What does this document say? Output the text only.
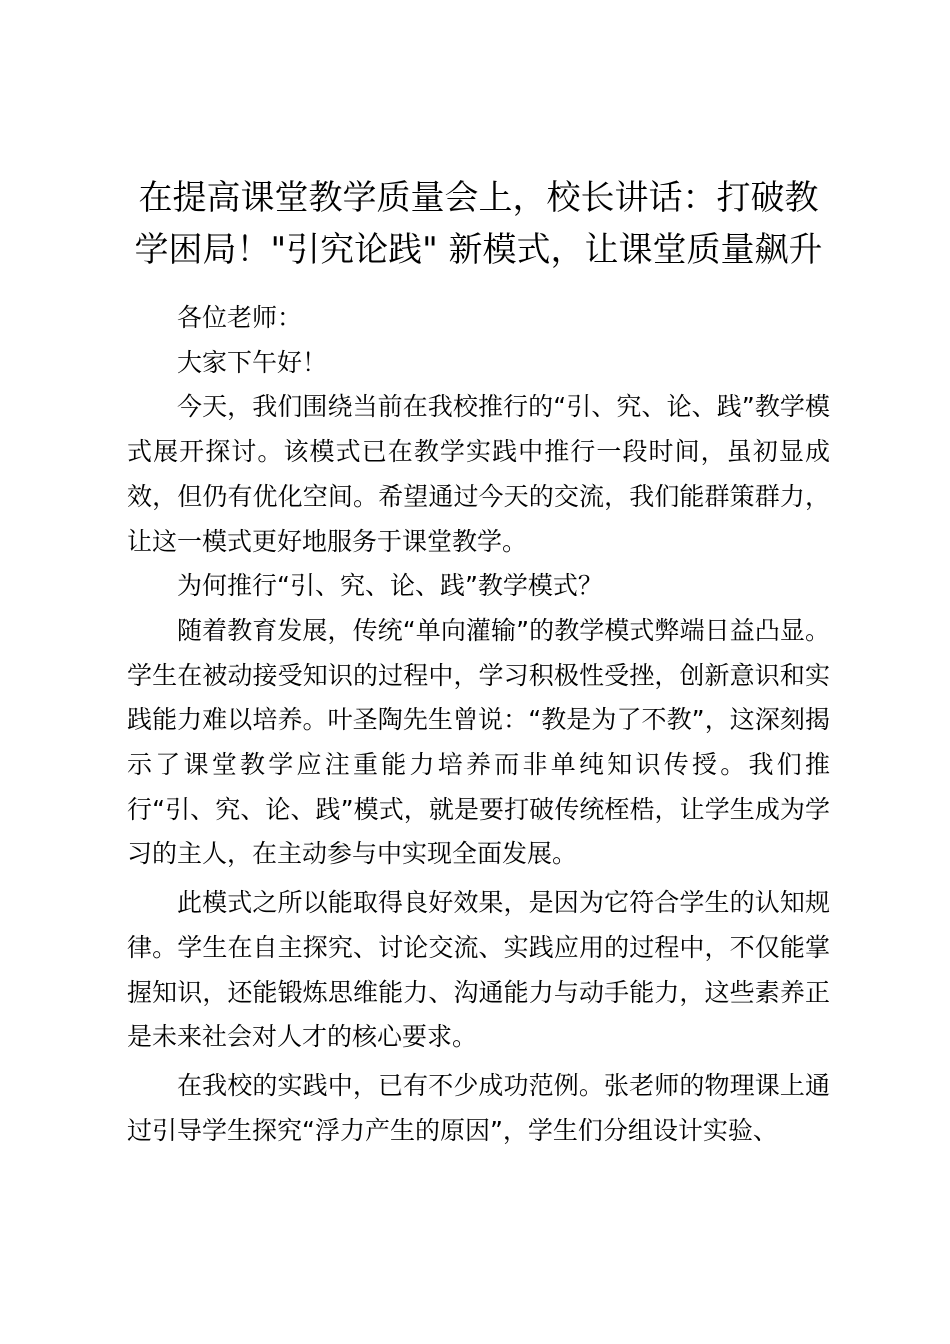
在提高课堂教学质量会上，校长讲话：打破教学困局！"引究论践" 新模式，让课堂质量飙升

各位老师：

大家下午好！

今天，我们围绕当前在我校推行的“引、究、论、践”教学模式展开探讨。该模式已在教学实践中推行一段时间，虽初显成效，但仍有优化空间。希望通过今天的交流，我们能群策群力，让这一模式更好地服务于课堂教学。

为何推行“引、究、论、践”教学模式？

随着教育发展，传统“单向灌输”的教学模式弊端日益凸显。学生在被动接受知识的过程中，学习积极性受挫，创新意识和实践能力难以培养。叶圣陶先生曾说：“教是为了不教”，这深刻揭示了课堂教学应注重能力培养而非单纯知识传授。我们推行“引、究、论、践”模式，就是要打破传统桎梏，让学生成为学习的主人，在主动参与中实现全面发展。

此模式之所以能取得良好效果，是因为它符合学生的认知规律。学生在自主探究、讨论交流、实践应用的过程中，不仅能掌握知识，还能锻炼思维能力、沟通能力与动手能力，这些素养正是未来社会对人才的核心要求。

在我校的实践中，已有不少成功范例。张老师的物理课上通过引导学生探究“浮力产生的原因”，学生们分组设计实验、
